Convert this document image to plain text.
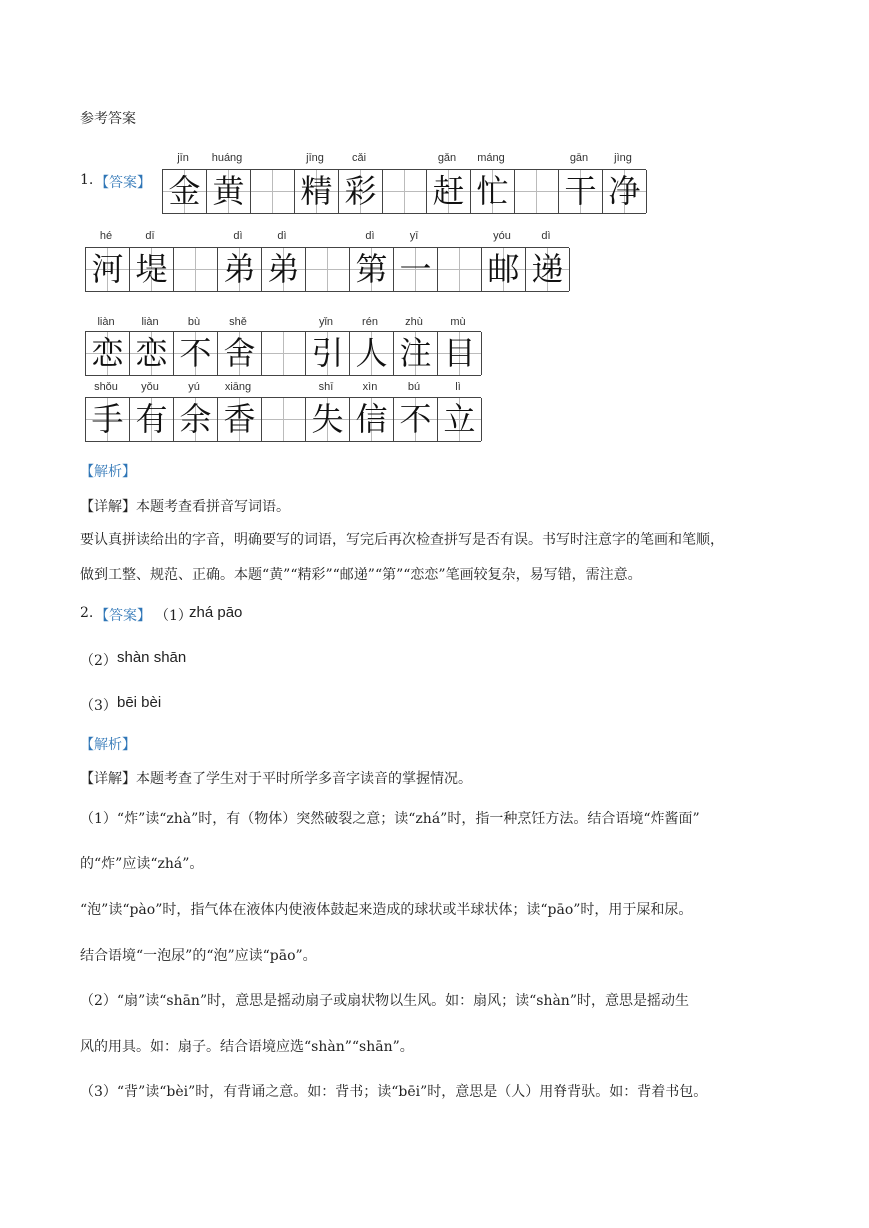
参考答案
1. 【答案】
jīn	huáng	jīng	cǎi	gǎn	máng	gān	jìng
金 黄 精 彩 赶 忙 干 净
hé	dī	dì	dì	dì	yī	yóu	dì
河 堤 弟 弟 第 一 邮 递
liàn	liàn	bù	shě	yǐn	rén	zhù	mù
恋 恋 不 舍 引 人 注 目
shǒu	yǒu	yú	xiāng	shī	xìn	bú	lì
手 有 余 香 失 信 不 立
【解析】
【详解】本题考查看拼音写词语。
要认真拼读给出的字音，明确要写的词语，写完后再次检查拼写是否有误。书写时注意字的笔画和笔顺，
做到工整、规范、正确。本题“黄”“精彩”“邮递”“第”“恋恋”笔画较复杂，易写错，需注意。
2. 【答案】 （1）
zhá pāo
（2） shàn shān
（3） bēi bèi
【解析】
【详解】本题考查了学生对于平时所学多音字读音的掌握情况。
（1）“炸”读“zhà”时，有（物体）突然破裂之意；读“zhá”时，指一种烹饪方法。结合语境“炸酱面”
的“炸”应读“zhá”。
“泡”读“pào”时，指气体在液体内使液体鼓起来造成的球状或半球状体；读“pāo”时，用于屎和尿。
结合语境“一泡尿”的“泡”应读“pāo”。
（2）“扇”读“shān”时，意思是摇动扇子或扇状物以生风。如：扇风；读“shàn”时，意思是摇动生
风的用具。如：扇子。结合语境应选“shàn”“shān”。
（3）“背”读“bèi”时，有背诵之意。如：背书；读“bēi”时，意思是（人）用脊背驮。如：背着书包。
